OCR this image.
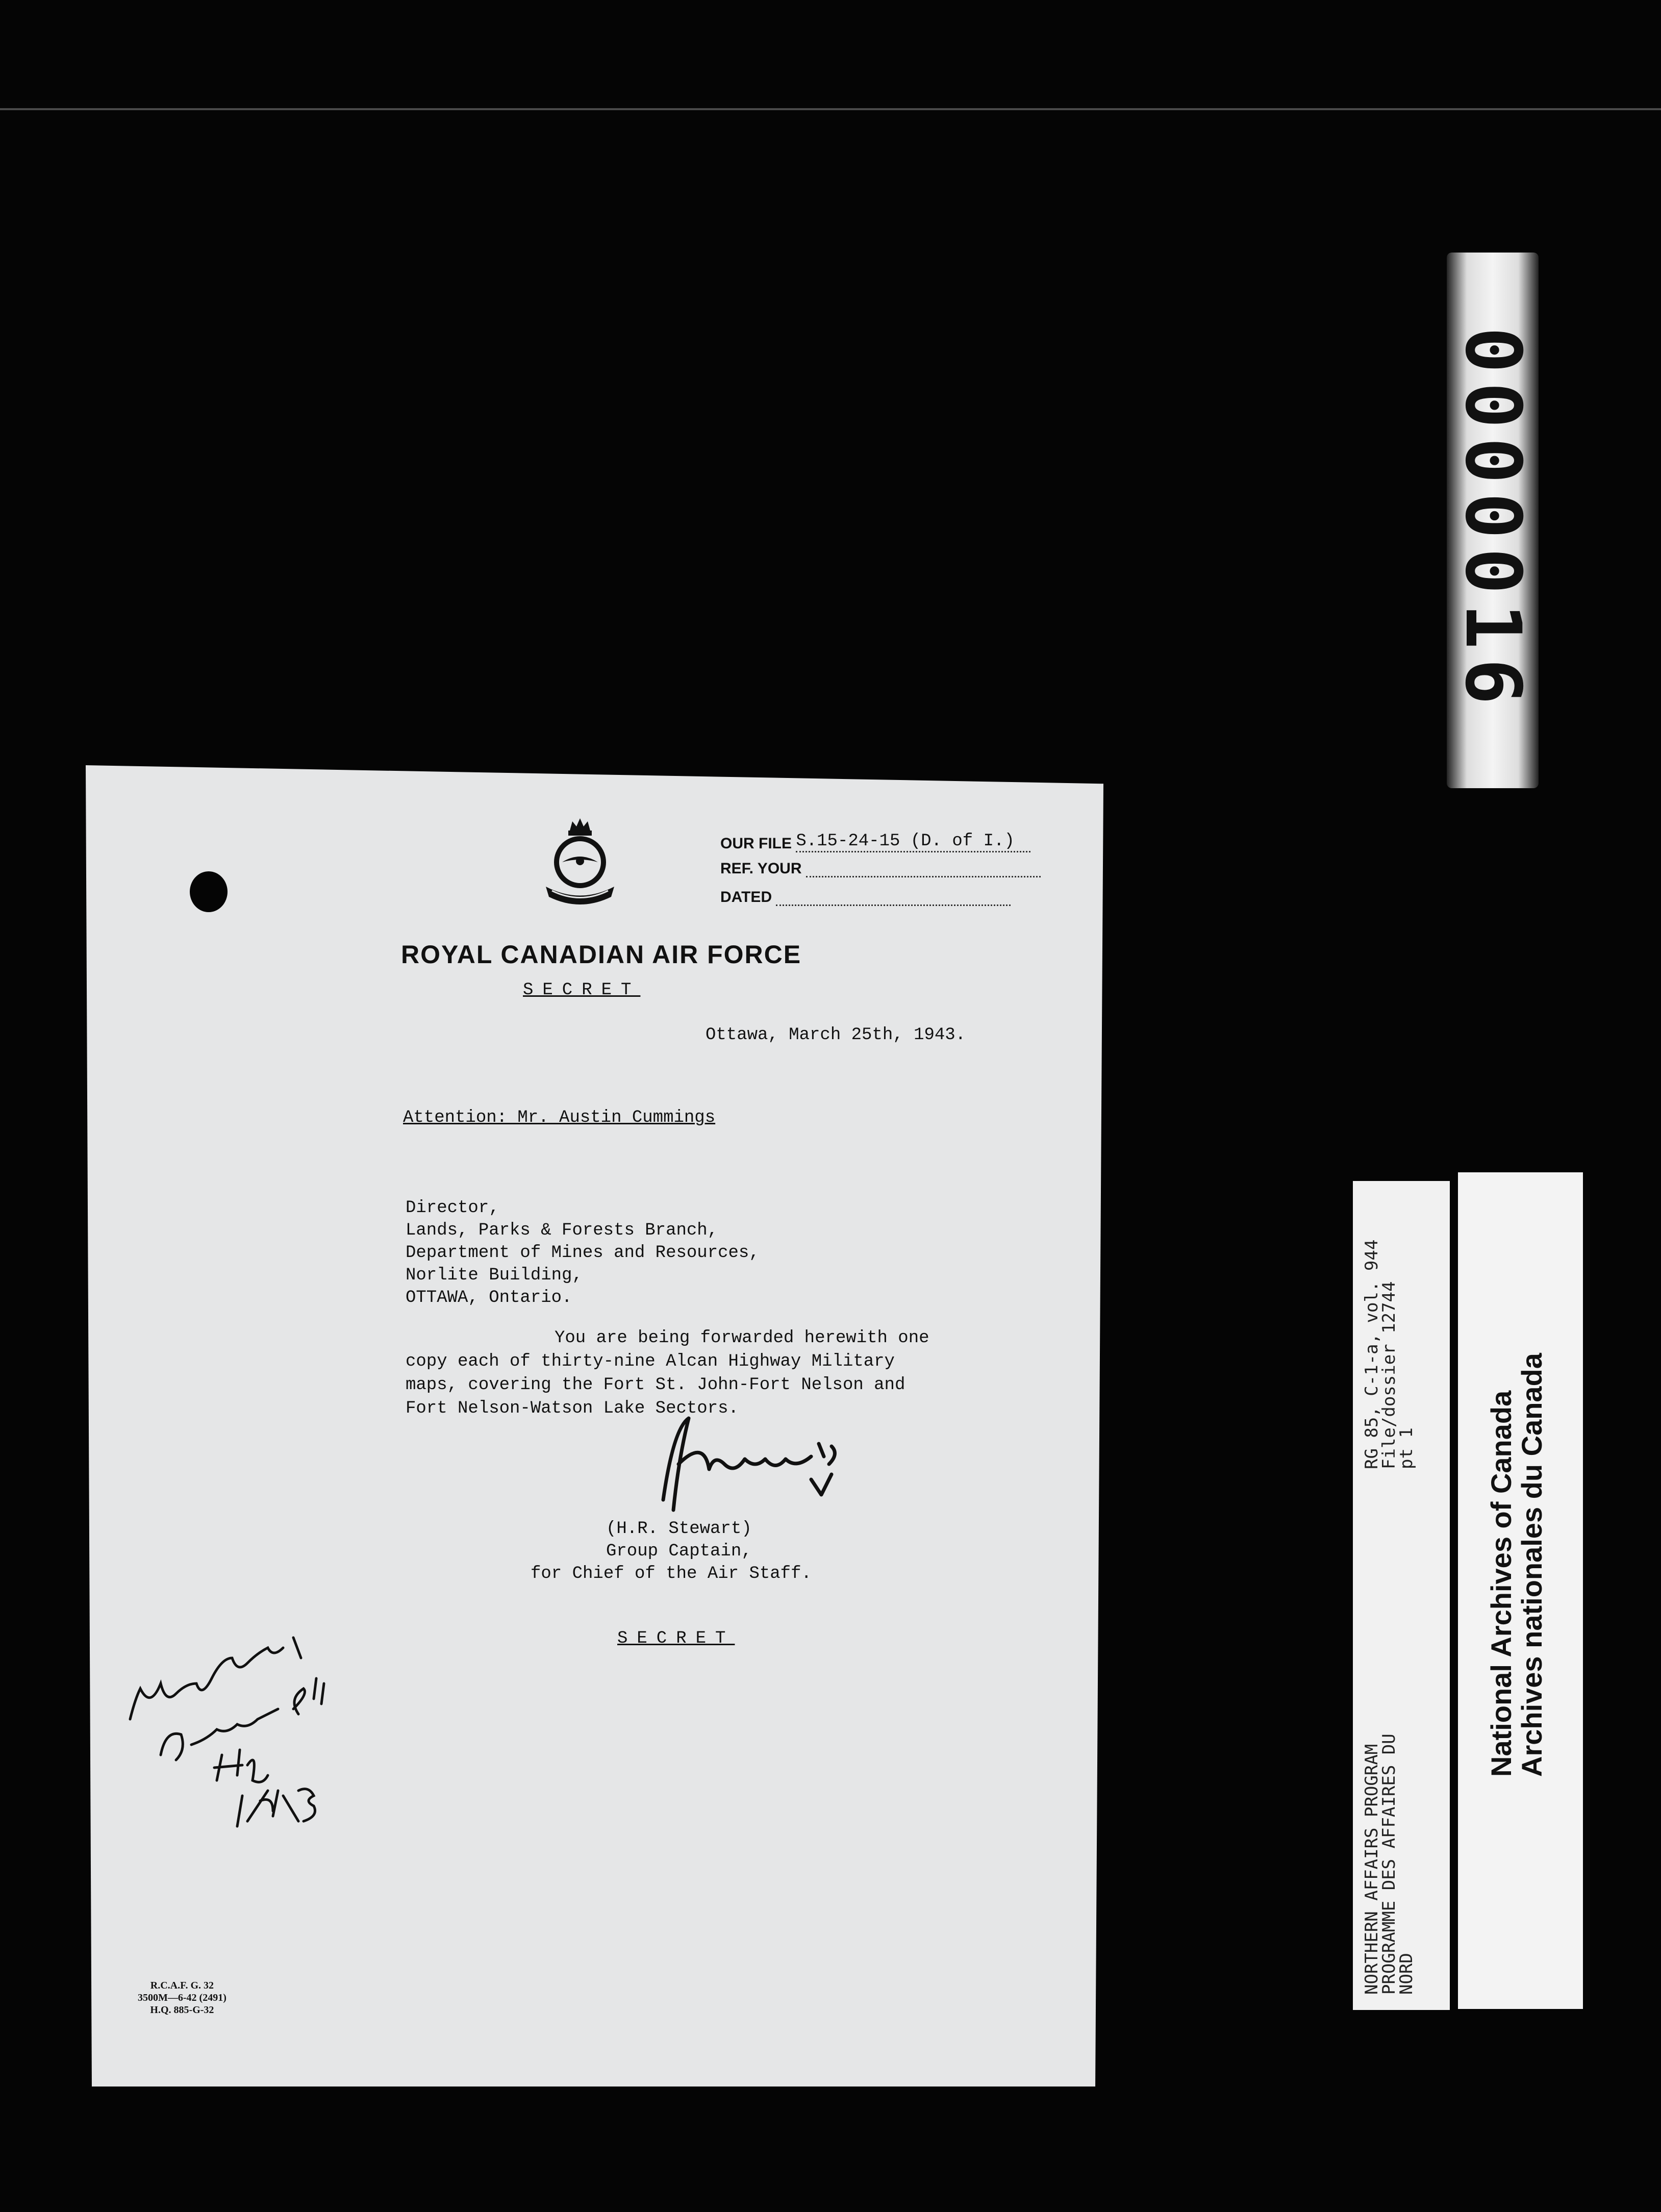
0000016
NORTHERN AFFAIRS PROGRAM
PROGRAMME DES AFFAIRES DU
NORD
RG 85, C-1-a, vol. 944
File/dossier 12744
pt 1 National Archives of Canada
Archives nationales du Canada
OUR FILE S.15-24-15 (D. of I.)
REF. YOUR
DATED
ROYAL CANADIAN AIR FORCE
SECRET
Ottawa, March 25th, 1943.
Attention: Mr. Austin Cummings
Director,
Lands, Parks & Forests Branch,
Department of Mines and Resources,
Norlite Building,
OTTAWA, Ontario.
You are being forwarded herewith one
copy each of thirty-nine Alcan Highway Military
maps, covering the Fort St. John-Fort Nelson and
Fort Nelson-Watson Lake Sectors.
(H.R. Stewart)
Group Captain,
for Chief of the Air Staff.
SECRET
R.C.A.F. G. 32
3500M—6-42 (2491)
H.Q. 885-G-32
